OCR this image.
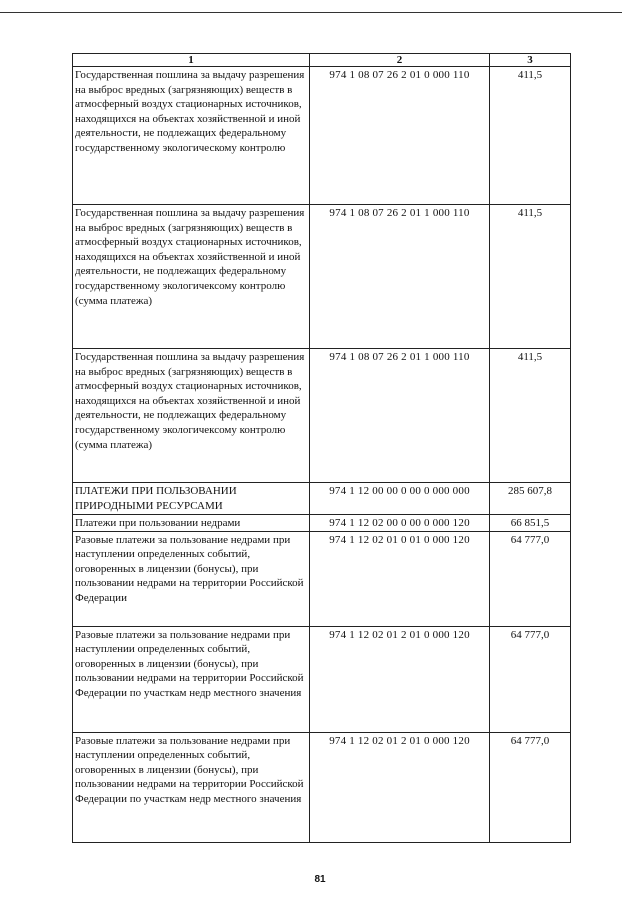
1	2	3
Государственная пошлина за выдачу разрешения на выброс вредных (загрязняющих) веществ в атмосферный воздух стационарных источников, находящихся на объектах хозяйственной и иной деятельности, не подлежащих федеральному государственному экологическому контролю	974 1 08 07 26 2 01 0 000 110	411,5
Государственная пошлина за выдачу разрешения на выброс вредных (загрязняющих) веществ в атмосферный воздух стационарных источников, находящихся на объектах хозяйственной и иной деятельности, не подлежащих федеральному государственному экологичексому контролю (сумма платежа)	974 1 08 07 26 2 01 1 000 110	411,5
Государственная пошлина за выдачу разрешения на выброс вредных (загрязняющих) веществ в атмосферный воздух стационарных источников, находящихся на объектах хозяйственной и иной деятельности, не подлежащих федеральному государственному экологичексому контролю (сумма платежа)	974 1 08 07 26 2 01 1 000 110	411,5
ПЛАТЕЖИ ПРИ ПОЛЬЗОВАНИИ ПРИРОДНЫМИ РЕСУРСАМИ	974 1 12 00 00 0 00 0 000 000	285 607,8
Платежи при пользовании недрами	974 1 12 02 00 0 00 0 000 120	66 851,5
Разовые платежи за пользование недрами при наступлении определенных событий, оговоренных в лицензии (бонусы), при пользовании недрами на территории Российской Федерации	974 1 12 02 01 0 01 0 000 120	64 777,0
Разовые платежи за пользование недрами при наступлении определенных событий, оговоренных в лицензии (бонусы), при пользовании недрами на территории Российской Федерации по участкам недр местного значения	974 1 12 02 01 2 01 0 000 120	64 777,0
Разовые платежи за пользование недрами при наступлении определенных событий, оговоренных в лицензии (бонусы), при пользовании недрами на территории Российской Федерации по участкам недр местного значения	974 1 12 02 01 2 01 0 000 120	64 777,0
81
